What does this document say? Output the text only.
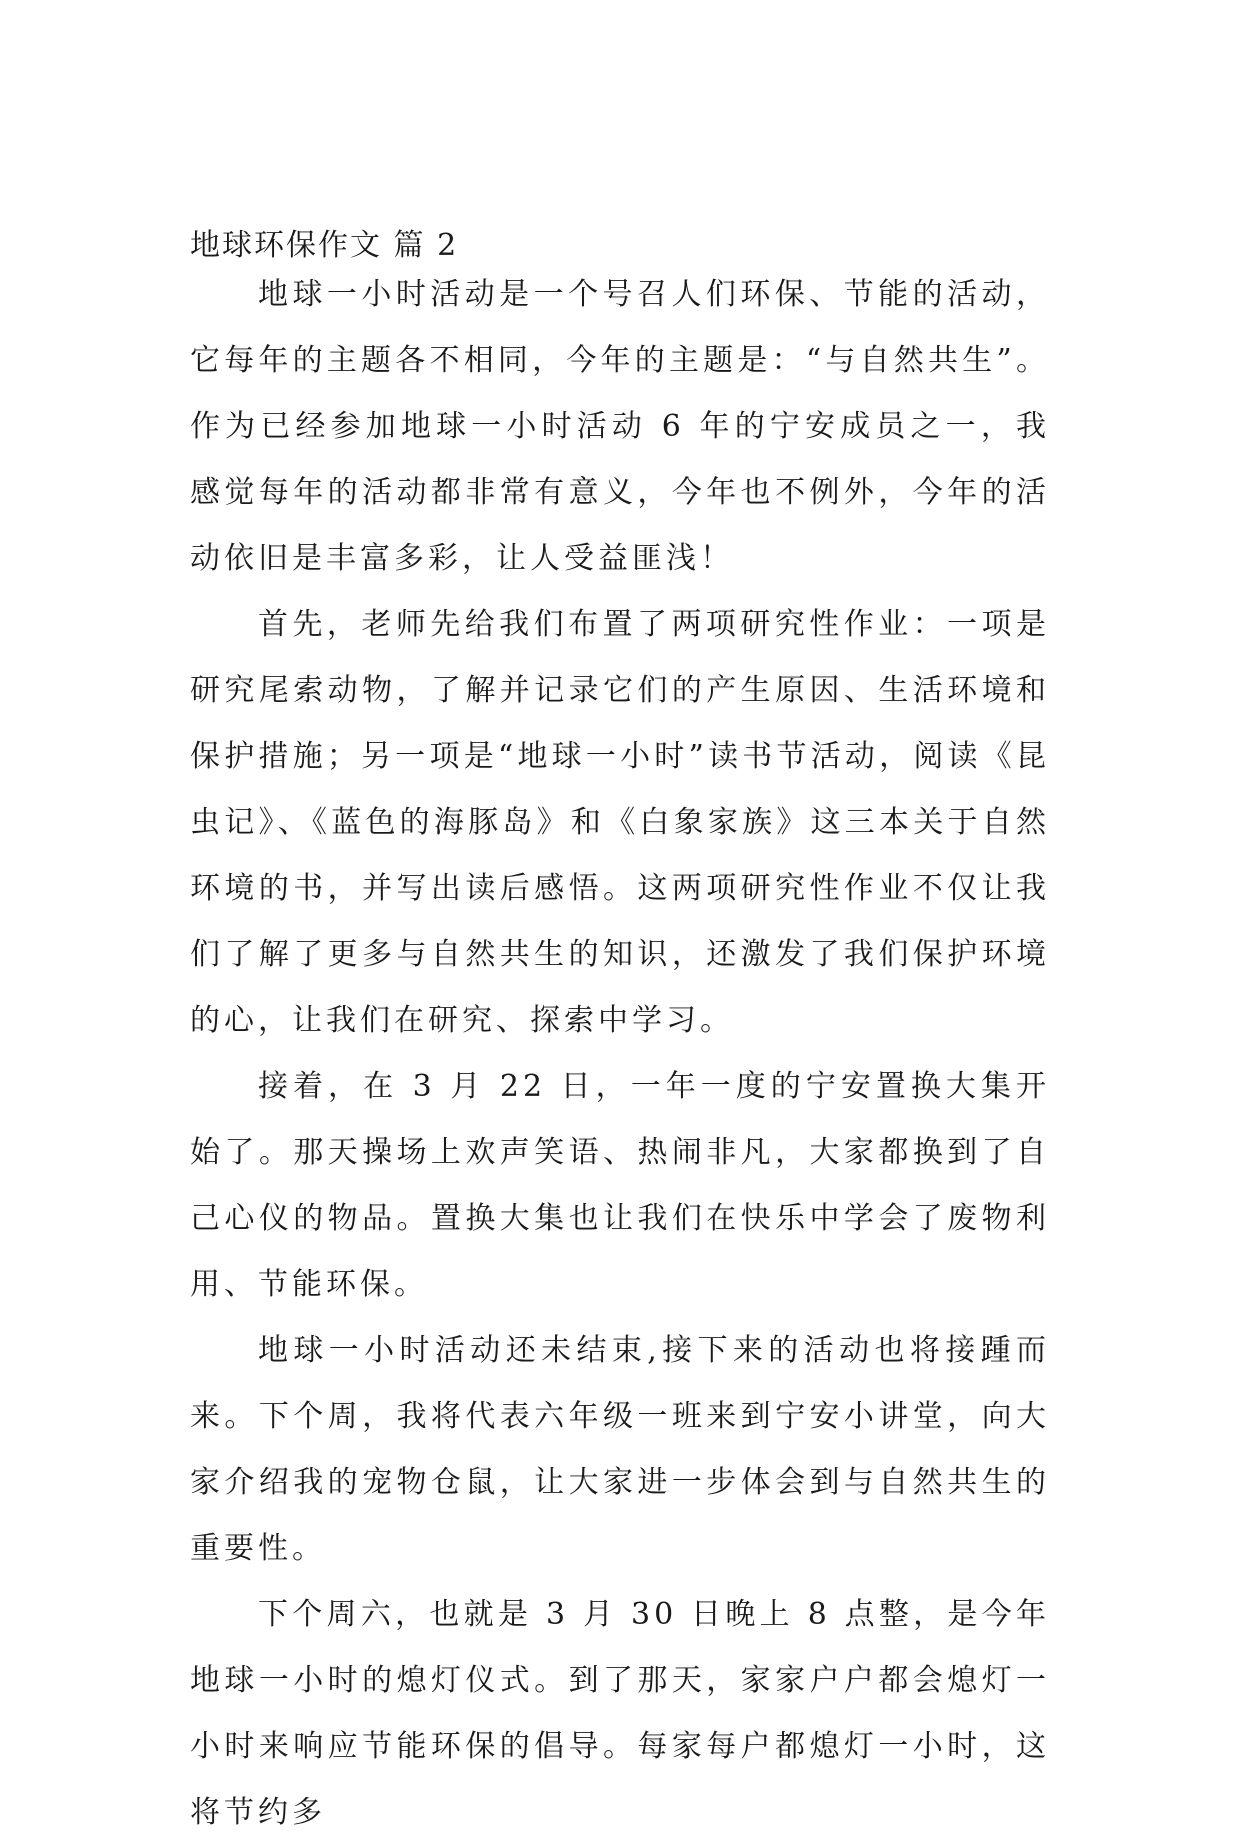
地球环保作文 篇 2

地球一小时活动是一个号召人们环保、节能的活动，它每年的主题各不相同，今年的主题是：“与自然共生”。作为已经参加地球一小时活动 6 年的宁安成员之一，我感觉每年的活动都非常有意义，今年也不例外，今年的活动依旧是丰富多彩，让人受益匪浅！

首先，老师先给我们布置了两项研究性作业：一项是研究尾索动物，了解并记录它们的产生原因、生活环境和保护措施；另一项是“地球一小时”读书节活动，阅读《昆虫记》、《蓝色的海豚岛》和《白象家族》这三本关于自然环境的书，并写出读后感悟。这两项研究性作业不仅让我们了解了更多与自然共生的知识，还激发了我们保护环境的心，让我们在研究、探索中学习。

接着，在 3 月 22 日，一年一度的宁安置换大集开始了。那天操场上欢声笑语、热闹非凡，大家都换到了自己心仪的物品。置换大集也让我们在快乐中学会了废物利用、节能环保。

地球一小时活动还未结束,接下来的活动也将接踵而来。下个周，我将代表六年级一班来到宁安小讲堂，向大家介绍我的宠物仓鼠，让大家进一步体会到与自然共生的重要性。

下个周六，也就是 3 月 30 日晚上 8 点整，是今年地球一小时的熄灯仪式。到了那天，家家户户都会熄灯一小时来响应节能环保的倡导。每家每户都熄灯一小时，这将节约多
